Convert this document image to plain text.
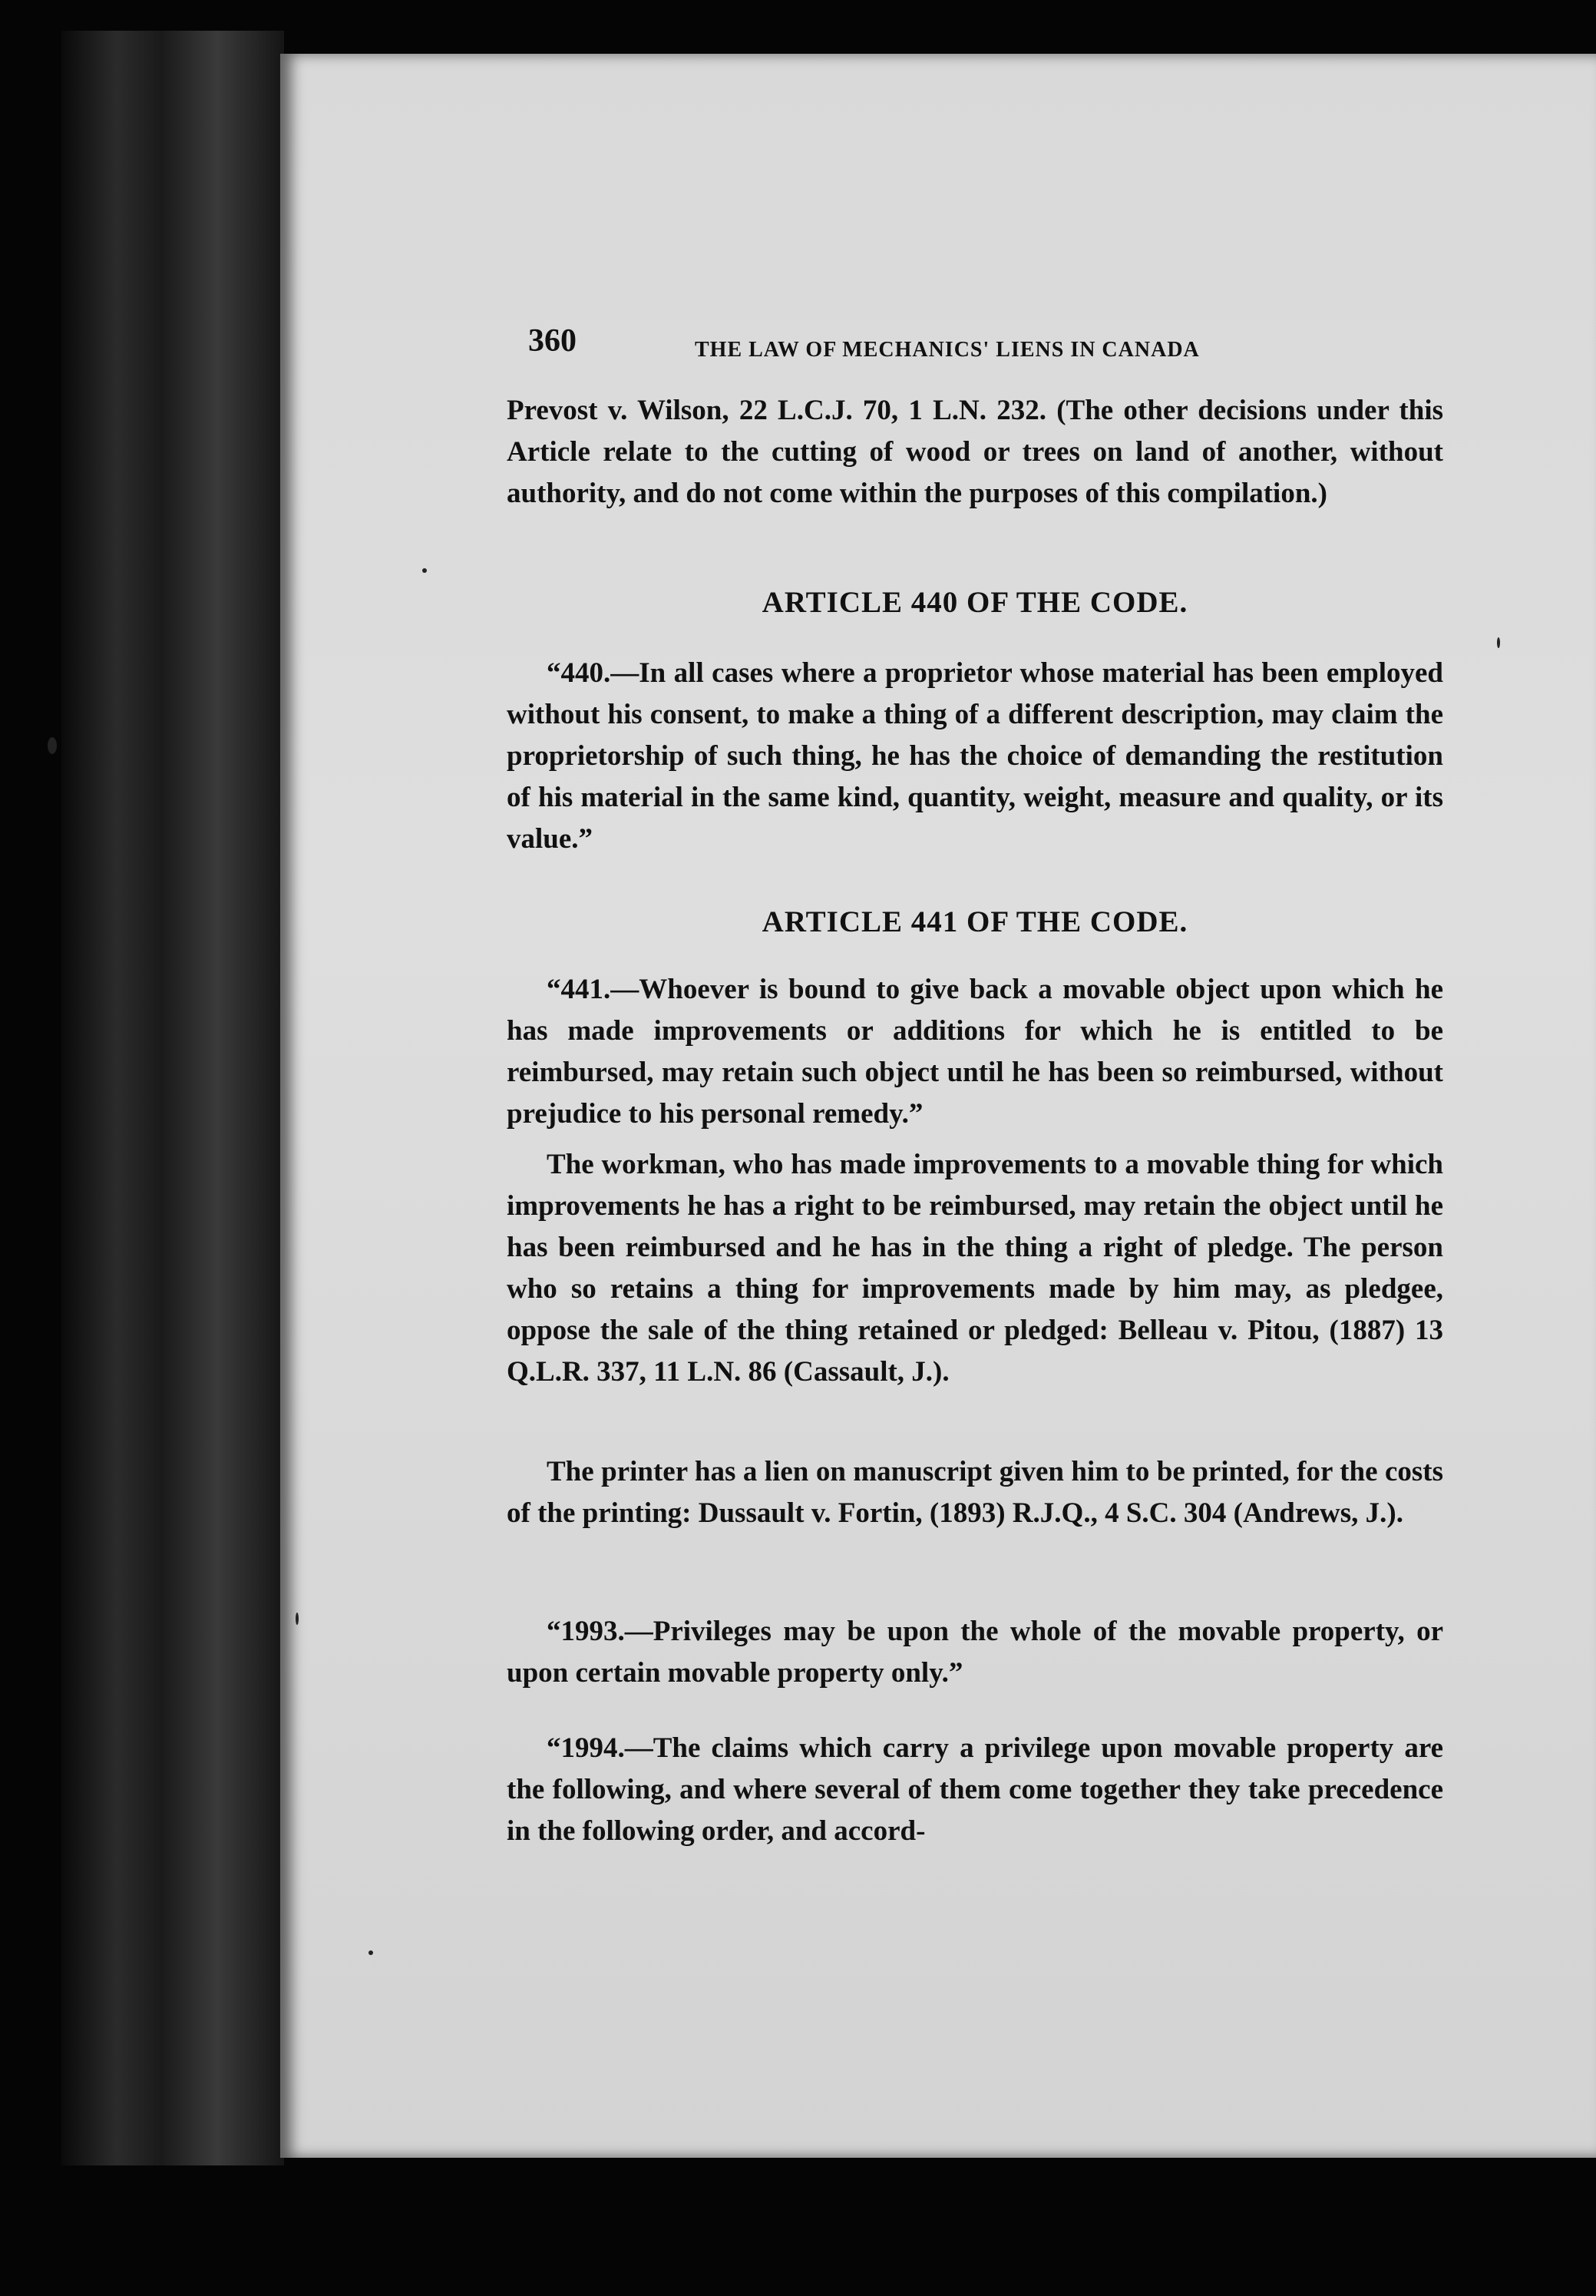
360	THE LAW OF MECHANICS' LIENS IN CANADA
Prevost v. Wilson, 22 L.C.J. 70, 1 L.N. 232. (The other decisions under this Article relate to the cutting of wood or trees on land of another, without authority, and do not come within the purposes of this compilation.)
ARTICLE 440 OF THE CODE.
“440.—In all cases where a proprietor whose material has been employed without his consent, to make a thing of a different description, may claim the proprietorship of such thing, he has the choice of demanding the restitution of his material in the same kind, quantity, weight, measure and quality, or its value.”
ARTICLE 441 OF THE CODE.
“441.—Whoever is bound to give back a movable object upon which he has made improvements or additions for which he is entitled to be reimbursed, may retain such object until he has been so reimbursed, without prejudice to his personal remedy.”
The workman, who has made improvements to a movable thing for which improvements he has a right to be reimbursed, may retain the object until he has been reimbursed and he has in the thing a right of pledge. The person who so retains a thing for improvements made by him may, as pledgee, oppose the sale of the thing retained or pledged: Belleau v. Pitou, (1887) 13 Q.L.R. 337, 11 L.N. 86 (Cassault, J.).
The printer has a lien on manuscript given him to be printed, for the costs of the printing: Dussault v. Fortin, (1893) R.J.Q., 4 S.C. 304 (Andrews, J.).
“1993.—Privileges may be upon the whole of the movable property, or upon certain movable property only.”
“1994.—The claims which carry a privilege upon movable property are the following, and where several of them come together they take precedence in the following order, and accord-
